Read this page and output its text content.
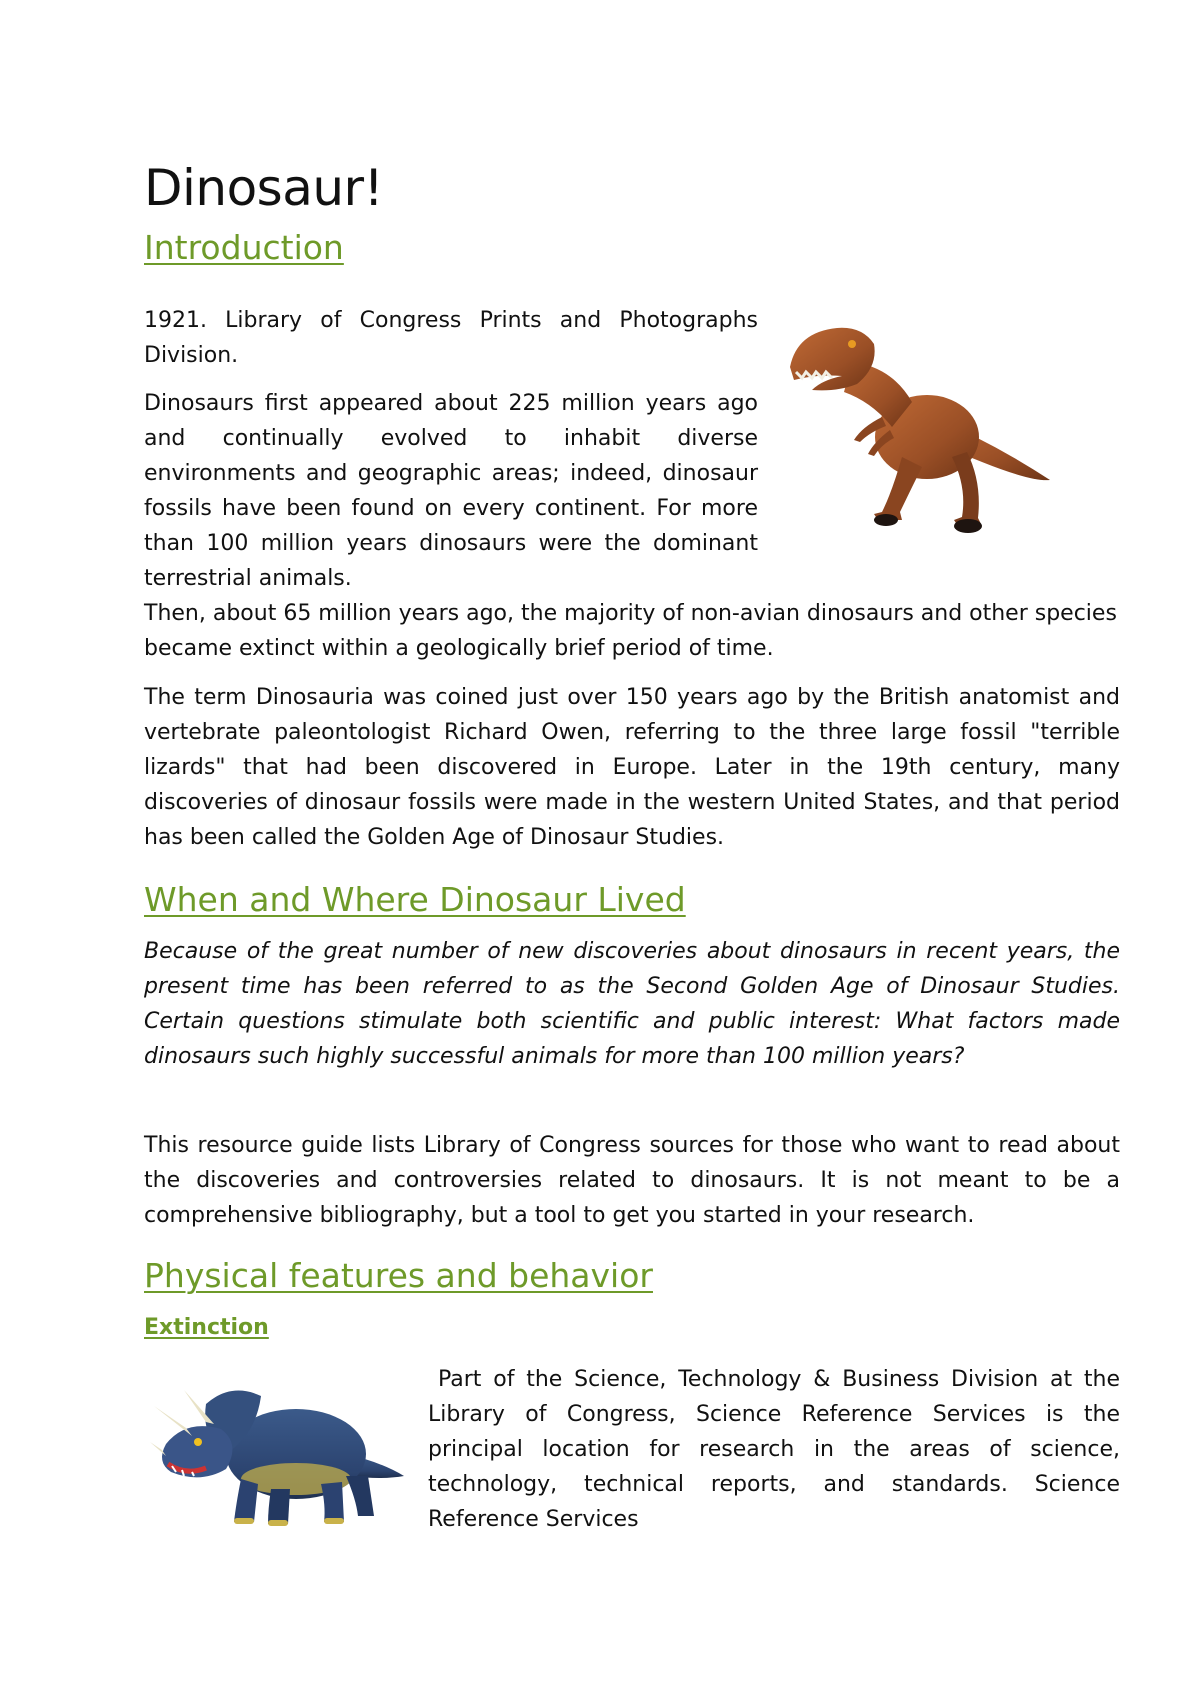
Dinosaur!
Introduction

1921. Library of Congress Prints and Photographs Division.

Dinosaurs first appeared about 225 million years ago and continually evolved to inhabit diverse environments and geographic areas; indeed, dinosaur fossils have been found on every continent. For more than 100 million years dinosaurs were the dominant terrestrial animals.

Then, about 65 million years ago, the majority of non-avian dinosaurs and other species became extinct within a geologically brief period of time.

The term Dinosauria was coined just over 150 years ago by the British anatomist and vertebrate paleontologist Richard Owen, referring to the three large fossil "terrible lizards" that had been discovered in Europe. Later in the 19th century, many discoveries of dinosaur fossils were made in the western United States, and that period has been called the Golden Age of Dinosaur Studies.

When and Where Dinosaur Lived

Because of the great number of new discoveries about dinosaurs in recent years, the present time has been referred to as the Second Golden Age of Dinosaur Studies. Certain questions stimulate both scientific and public interest: What factors made dinosaurs such highly successful animals for more than 100 million years?

This resource guide lists Library of Congress sources for those who want to read about the discoveries and controversies related to dinosaurs. It is not meant to be a comprehensive bibliography, but a tool to get you started in your research.

Physical features and behavior
Extinction

Part of the Science, Technology & Business Division at the Library of Congress, Science Reference Services is the principal location for research in the areas of science, technology, technical reports, and standards. Science Reference Services
